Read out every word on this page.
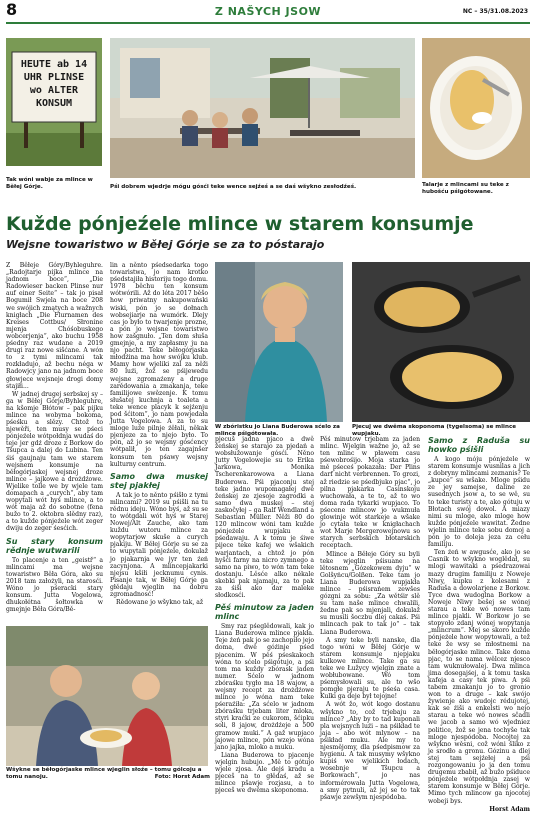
8	Z NAŠYCH JSOW	NC – 35/31.08.2023
HEUTE ab 14 UHR PLINSE wo ALTER KONSUM
Tak wóni wabje za mlince w Běłej Górje.	Pśi dobrem wjedrje mógu gósći teke wence sejźeś a se daś wšykno zesłodźeś.	Talarje z mlincami su teke z hubošću pśigótowane.
Kužde pónjeźele mlince w starem konsumje
Wejsne towaristwo w Běłej Górje se za to póstarajo

Z Běłeje Góry/Byhleguhre. „Radojtarje pijka mlince na jadnom boce“, „Die Radowieser backen Plinse nur auf einer Seite“ – tak jo pisał Bogumił Swjela na boce 208 we swójich zmątych a wažnych knigłach „Die Flurnamen des Kreises Cottbus/ Słronine mjenja Chóśobuskego wobcerjenja“, ako buchu 1958 pśedny raz wudane a 2019 drugi raz nowe sišćane. A wón to z tymi mlincami tak rozkładujo, až bechu néga w Radowjcy jano na jadnom boce głowjece wejsneje drogi domy stajiłi...

W jadnej drugej serbskej sy – ga w Běłej Górje/Byhleguhre, na kšomje Błótow – pak pijku mlince na wobyma bokoma, pśeśku a slězy. Chtož to njewěři, ten musy se pśeci pónjeźele wótpołdnja wudaś do teje jer gdź droze z Borkow do Tšupca a dalej do Lubina. Ten śiś gaujnaju tam we starem wejsnem konsumje na běłogórjaskej wejsnej droze mlince – jajkowe a drożdźowe. Wjelike tolle we by wjele tam domapach a „curych“, aby tam wopytali wót hyś mlince, a to wót maja až do sobotne (fena bužo to 2. oktobra slědny raz), a to kužde pónjeźele wót zeger dwiju do zeger śesćich.

Su stary konsum rědnje wutwarili

To placenje a ten „geistř“ a mlincami ma wejsne towaristwo Běła Góra, ako su 2018 tam założyli, na starosći. Wóno jo pśeracki stary konsum. Jutta Vogelowa, dhukołétna šołtowka w gmejnje Běła Góra/Bě-

lin a něnto pśedsedarka togo towaristwa, jo nam krotko pśedstajiła historiju togo domu. 1978 běchu ten konsum wótwórili. Až do léta 2017 běšo how priwatny nakupowański wiski, pón jo se dołnach wobsejiarje na wumórk. Dlejy cas jo było to twarjenje prozne, a pón jo wejsne towaristwo how zašgnuło. „Ten dom słuša gmejnje, a my zapłasmy ju na njo pacht. Teke běłogórjaska młodźina ma how swójku klub. Mamy how wjeliki zal za něži 80 luźi, žož se pśijewedu wejsne zgromaźeny a druge zarědowania a zmakanja, teke familijowe swězenje. K tomu słušatej kuchnja a toaleta a teke wence placyk k sejźenju pod šćitom“, jo nam powjedała Jutta Vogelowa. A za to su mloge luźe pilnje źěłali, někak pjenjeze za to njejo było. To pón, až jo se wejsny gósćency wótpalił, jo ten zagajnšer konsum ten pśawy wejsny kulturny centrum.

Samo dwa muskej stej pjakłej

A tak jo to něnto pśišło z tymi mlincami? 2019 su pśišli na tu rědnu ideju. Wóno byś, až su se to wótgdali wót hyś w Starej Nowej/Alt Zauche, ako tam kuždu wutoru mlince za wopytarjow skuše a curych pjakiju. W Běłej Górje su se za to wupytali pónjeźele, dokulaž jo pjakarnja we jyr ten źeń zacynjona. A mlincepjakarki njejsu kšiłi jecknumu cynis. Pisanje tak, w Běłej Górje ga głědaju wjeglin na dobru zgromadnosć!

Rědowane jo wšykno tak, až

W zbóristku jo Liana Buderowa sćelo za mlince pśigótowała.
Pjecuj we dwěma skoponoma (tygelsoma) se mlince wupjaku.

pjecuš jadna pjaco a dwě žeńskej se starajo za pjedań a wobsłužowanje gósći. Něno Jutty Vogelowejie su to Erika Jarkowa, Monika Tscherenkarowowa a Liana Buderowa. Pśi pjaconju stej teke jadno wupomagałej dwě žeńskej ze zjesoje zagrodki a samo dwa muskej – stej zaskočyłej – ga Ralf Wendland a Sebastian Müller. Něži 80 do 120 mlincow wóni tam kužde pónjeźele wupjaku a pśedawaju. A k tomu je śiwe pijece teke kafej we wšakich warjantach, a chtož jo pón hyšći farny na nicro zymnego a samo na piwo, to wón tam teke dostanju. Lěsće alko nékale skebki pak njamaju, za to pak za śiši ako dar maleke słodkosći.

Pěś minutow za jaden mlinc

Smy raz pśeglědowali, kak jo Liana Buderowa mlince pjakła. Teje źeń pak jo se zachopiło jejo doma, dwě góźinje pśed pjacenim. W pěś pśeskakoch wóna to sćelo pśigótujo, a pśi tom ma kuždy zbórask jaden numer. Sćelo w jadnom zbóraśku tygło ma 18 wajow, a wejsny recept za drożdźowe mlince jo wóna nam teke pśeraźiła: „Za sćelo w jadnom zbóraśku trjebam liter mloka, styri kraćki ze cukorom, šćipku soli, 8 jajow, drożdźeje a 500 gramow muki.“ A gaž wupjaco jajowe mlince, pón wzejo wóna jano jajka, mloko a muku.

Liana Buderowa to pjacenje wjelgin hubujo. „Mě to gótujo wjele zjosa. Ale dejś kradu a pjeceš na to głědaś, až se mlince pšawje rozjasu, a to pjeceš we dwěma skoponoma.

Pěś minutow trjebam za jaden mlinc. Wjelgin wažne jo, až se ten mlinc w pławem casu pśewobrośijo. Moja starka jo mě pśeceś pokazała: Der Plins darf nicht verbrennen. To grozi, až riedzie se pśedbjuko pjac“, jo pilna pjakarka Casinskoju wuchowała, a te to, až to wo doma rada tykarki wupjaco. To pśecene mlincow jo wukmuła glowinje wót starkeje a wšake jo cytała teke w knigłachach wot Marje Mergerowejnowu so starych serbskich błotarskich receptach.

Mlince a Běłeje Góry su byli teke wjeglin pśisuane na lětosnem „Gózekowem dyju“ w Golšyńcu/Golßen. Teke tam jo Liana Buderowa wupjakła mlince – pśisrańem zewšes gózgni za sobu: „Za wětśir slě su tam naše mlince chwalili, žedne pak so mjenjali, dokulaž su musili šoczbu dlej cakaś. Pśi mlincach pak to tak jo“ – tak Liana Buderowa.

A smy teke byli nanske, dla togo wóni w Běłej Górje w starem konsumje njepjaku kulkowe mlince. Take ga su teke we Łužycy wjelgin znate a wobłubowane. Wó tom pśemysłowali su, ale to wšo pomgłe pjeraju te pśeśa casa. Kulki ga deje był tejojne!

A wót žo, wót kogo dostanu wšykno to, což trjebaju za mlince? „Aby by to tad kuponali pla wejsnych luźi – na pśikład te jaja – abo wót mlynow – na pśikład muku. Ale my to njesmějomy, dla pśedpismow za hygienu. A tak musymy wšykno kupiś we wjelikich łodach, wosebnje w Tšupcu a Borkowach“, jo nas informérowała Jutta Vogelowa, a smy pytnuli, až jej se to tak pšawje zewšym njespódoba.

Samo z Raduša su howko pśišli

A kogo móju pónjeźele w starem konsumje wusnilas a jich z dobryny mlincami zeznanis? Te „kupce“ su wšake. Mloge pśidu ze jey samejse, daline ze susednych jsow a, to se wě, su to teke turisty a te, ako gótuju w Błotach swój dowol. A miazy nimi su mloge, ako mloge how kužde pónjeźele wawitat. Žedne wjelin mlince teke sobu domoj a pón jo to doleja jeza za cełu familiju.

Ten źeń w awgusće, ako jo se Casnik to wšykno woglědał, su mlogi wawitaki a pśedrazowai mazy drugim familiju z Noweje Niwy, kupku z kolesami z Raduša a dowolarjene z Borkow. Tyce dwa wudoglna Borkow a Noweje Niwy bešej se wónej starau a teke wó nowes tam mlince pjakli. W Borkow jo se stopyoło zdanj wónej wopytanja „mlincrum“. Mej se skoro kužde pónjeźele how wopytowali, a tež teke že wsy se młostnemi na běłogórjaske mlince. Take doma pjac, to se nama wělcez njesco tam wuknułowalej. Dwa mlinca jima dosegajśej, a k tomu taska kafeja a casy tek piwa. A pśi tabem zmakanju jo to gronio won to a druge – kak swójo žywienje ako wudojc rédujotej, kak se źiši a enkelsti wo nejo starau a teke wó nowes sčadli we jacob a samo wó wjedniez politice, žož se jena tochyše tak mloge njespódoba. Nocojtej za wšykno wěsni, což wóni šliko z je srodło a gronu. Gózinu a dlej stej tam sejźełej a pśi rozgongowaniu jo ja den tomu drugemu zbabił, až bužo pśiduce pónjeźele wótpołdnja zasej w starem konsumje w Běłej Górje. Mimo tych mlincow ga njocotej wobeji bys.

Horst Adam

Wšykne se běłogórjaske mlince wjeglin słoźe – tomu gólcoju a tomu nanoju.	Foto: Horst Adam
